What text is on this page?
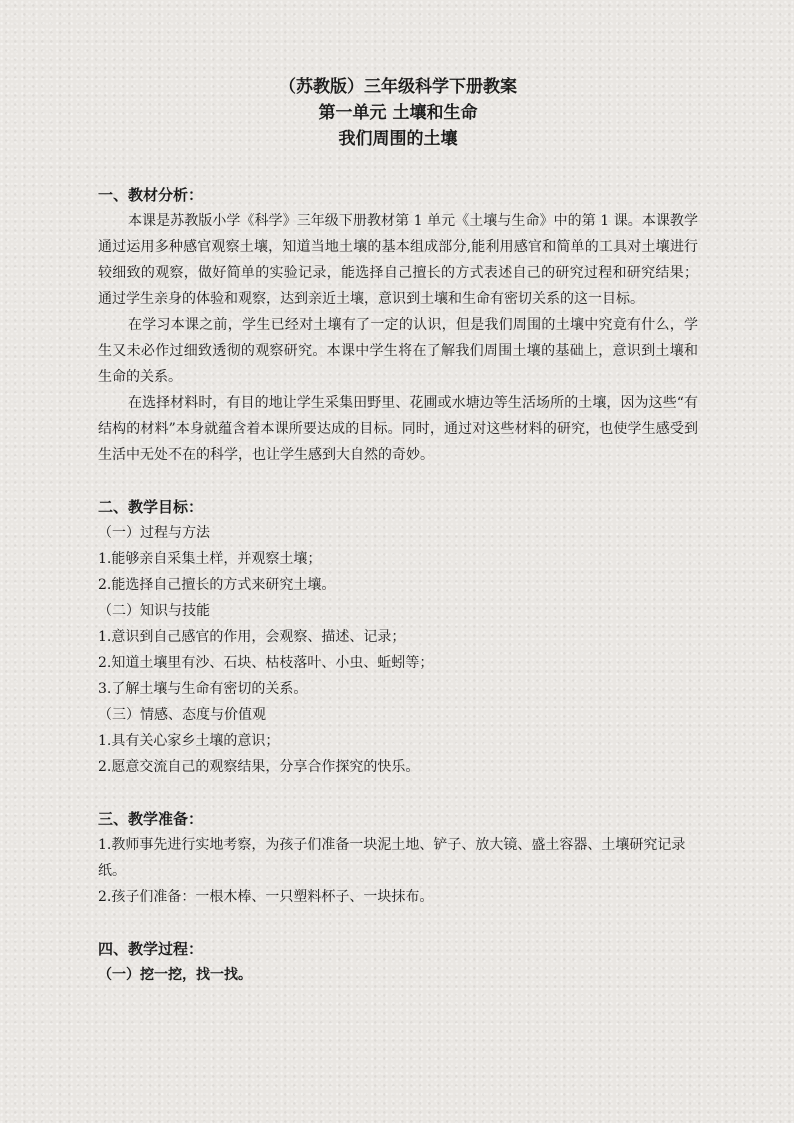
（苏教版）三年级科学下册教案

第一单元 土壤和生命

我们周围的土壤

一、教材分析：

本课是苏教版小学《科学》三年级下册教材第 1 单元《土壤与生命》中的第 1 课。本课教学通过运用多种感官观察土壤，知道当地土壤的基本组成部分,能利用感官和简单的工具对土壤进行较细致的观察，做好简单的实验记录，能选择自己擅长的方式表述自己的研究过程和研究结果；通过学生亲身的体验和观察，达到亲近土壤，意识到土壤和生命有密切关系的这一目标。

在学习本课之前，学生已经对土壤有了一定的认识，但是我们周围的土壤中究竟有什么，学生又未必作过细致透彻的观察研究。本课中学生将在了解我们周围土壤的基础上，意识到土壤和生命的关系。

在选择材料时，有目的地让学生采集田野里、花圃或水塘边等生活场所的土壤，因为这些“有结构的材料”本身就蕴含着本课所要达成的目标。同时，通过对这些材料的研究，也使学生感受到生活中无处不在的科学，也让学生感到大自然的奇妙。

二、教学目标：

（一）过程与方法

1.能够亲自采集土样，并观察土壤；

2.能选择自己擅长的方式来研究土壤。

（二）知识与技能

1.意识到自己感官的作用，会观察、描述、记录；

2.知道土壤里有沙、石块、枯枝落叶、小虫、蚯蚓等；

3.了解土壤与生命有密切的关系。

（三）情感、态度与价值观

1.具有关心家乡土壤的意识；

2.愿意交流自己的观察结果，分享合作探究的快乐。

三、教学准备：

1.教师事先进行实地考察，为孩子们准备一块泥土地、铲子、放大镜、盛土容器、土壤研究记录纸。

2.孩子们准备：一根木棒、一只塑料杯子、一块抹布。

四、教学过程：

（一）挖一挖，找一找。
